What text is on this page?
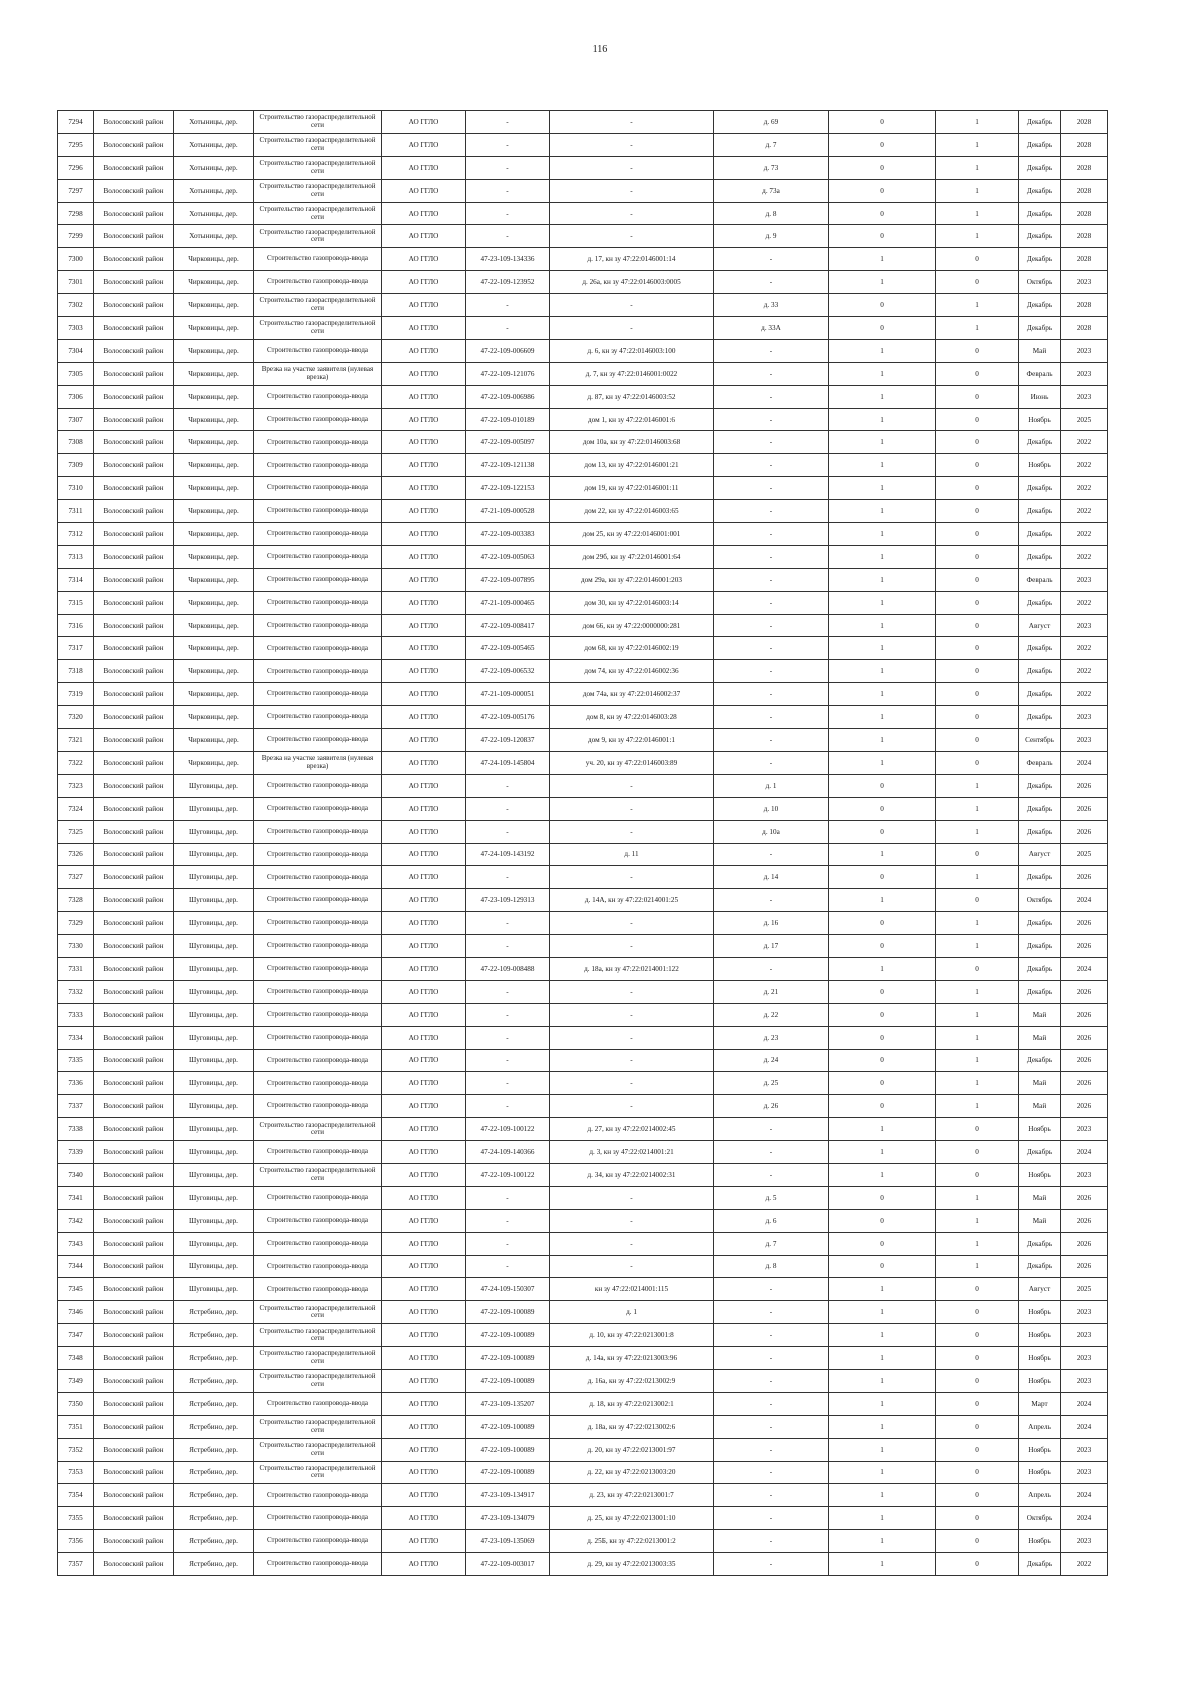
116
7294	Волосовский район	Хотыницы, дер.	Строительство газораспределительной сети	АО ГГЛО	-	-	д. 69	0	1	Декабрь	2028
7295	Волосовский район	Хотыницы, дер.	Строительство газораспределительной сети	АО ГГЛО	-	-	д. 7	0	1	Декабрь	2028
7296	Волосовский район	Хотыницы, дер.	Строительство газораспределительной сети	АО ГГЛО	-	-	д. 73	0	1	Декабрь	2028
7297	Волосовский район	Хотыницы, дер.	Строительство газораспределительной сети	АО ГГЛО	-	-	д. 73а	0	1	Декабрь	2028
7298	Волосовский район	Хотыницы, дер.	Строительство газораспределительной сети	АО ГГЛО	-	-	д. 8	0	1	Декабрь	2028
7299	Волосовский район	Хотыницы, дер.	Строительство газораспределительной сети	АО ГГЛО	-	-	д. 9	0	1	Декабрь	2028
7300	Волосовский район	Чирковицы, дер.	Строительство газопровода-ввода	АО ГГЛО	47-23-109-134336	д. 17, кн зу 47:22:0146001:14	-	1	0	Декабрь	2028
7301	Волосовский район	Чирковицы, дер.	Строительство газопровода-ввода	АО ГГЛО	47-22-109-123952	д. 26а, кн зу 47:22:0146003:0005	-	1	0	Октябрь	2023
7302	Волосовский район	Чирковицы, дер.	Строительство газораспределительной сети	АО ГГЛО	-	-	д. 33	0	1	Декабрь	2028
7303	Волосовский район	Чирковицы, дер.	Строительство газораспределительной сети	АО ГГЛО	-	-	д. 33А	0	1	Декабрь	2028
7304	Волосовский район	Чирковицы, дер.	Строительство газопровода-ввода	АО ГГЛО	47-22-109-006609	д. 6, кн зу 47:22:0146003:100	-	1	0	Май	2023
7305	Волосовский район	Чирковицы, дер.	Врезка на участке заявителя (нулевая врезка)	АО ГГЛО	47-22-109-121076	д. 7, кн зу 47:22:0146001:0022	-	1	0	Февраль	2023
7306	Волосовский район	Чирковицы, дер.	Строительство газопровода-ввода	АО ГГЛО	47-22-109-006986	д. 87, кн зу 47:22:0146003:52	-	1	0	Июнь	2023
7307	Волосовский район	Чирковицы, дер.	Строительство газопровода-ввода	АО ГГЛО	47-22-109-010189	дом 1, кн зу 47:22:0146001:6	-	1	0	Ноябрь	2025
7308	Волосовский район	Чирковицы, дер.	Строительство газопровода-ввода	АО ГГЛО	47-22-109-005097	дом 10а, кн зу 47:22:0146003:68	-	1	0	Декабрь	2022
7309	Волосовский район	Чирковицы, дер.	Строительство газопровода-ввода	АО ГГЛО	47-22-109-121138	дом 13, кн зу 47:22:0146001:21	-	1	0	Ноябрь	2022
7310	Волосовский район	Чирковицы, дер.	Строительство газопровода-ввода	АО ГГЛО	47-22-109-122153	дом 19, кн зу 47:22:0146001:11	-	1	0	Декабрь	2022
7311	Волосовский район	Чирковицы, дер.	Строительство газопровода-ввода	АО ГГЛО	47-21-109-000528	дом 22, кн зу 47:22:0146003:65	-	1	0	Декабрь	2022
7312	Волосовский район	Чирковицы, дер.	Строительство газопровода-ввода	АО ГГЛО	47-22-109-003383	дом 25, кн зу 47:22:0146001:001	-	1	0	Декабрь	2022
7313	Волосовский район	Чирковицы, дер.	Строительство газопровода-ввода	АО ГГЛО	47-22-109-005063	дом 29б, кн зу 47:22:0146001:64	-	1	0	Декабрь	2022
7314	Волосовский район	Чирковицы, дер.	Строительство газопровода-ввода	АО ГГЛО	47-22-109-007895	дом 29а, кн зу 47:22:0146001:203	-	1	0	Февраль	2023
7315	Волосовский район	Чирковицы, дер.	Строительство газопровода-ввода	АО ГГЛО	47-21-109-000465	дом 30, кн зу 47:22:0146003:14	-	1	0	Декабрь	2022
7316	Волосовский район	Чирковицы, дер.	Строительство газопровода-ввода	АО ГГЛО	47-22-109-008417	дом 66, кн зу 47:22:0000000:281	-	1	0	Август	2023
7317	Волосовский район	Чирковицы, дер.	Строительство газопровода-ввода	АО ГГЛО	47-22-109-005465	дом 68, кн зу 47:22:0146002:19	-	1	0	Декабрь	2022
7318	Волосовский район	Чирковицы, дер.	Строительство газопровода-ввода	АО ГГЛО	47-22-109-006532	дом 74, кн зу 47:22:0146002:36	-	1	0	Декабрь	2022
7319	Волосовский район	Чирковицы, дер.	Строительство газопровода-ввода	АО ГГЛО	47-21-109-000051	дом 74а, кн зу 47:22:0146002:37	-	1	0	Декабрь	2022
7320	Волосовский район	Чирковицы, дер.	Строительство газопровода-ввода	АО ГГЛО	47-22-109-005176	дом 8, кн зу 47:22:0146003:28	-	1	0	Декабрь	2023
7321	Волосовский район	Чирковицы, дер.	Строительство газопровода-ввода	АО ГГЛО	47-22-109-120837	дом 9, кн зу 47:22:0146001:1	-	1	0	Сентябрь	2023
7322	Волосовский район	Чирковицы, дер.	Врезка на участке заявителя (нулевая врезка)	АО ГГЛО	47-24-109-145804	уч. 20, кн зу 47:22:0146003:89	-	1	0	Февраль	2024
7323	Волосовский район	Шуговицы, дер.	Строительство газопровода-ввода	АО ГГЛО	-	-	д. 1	0	1	Декабрь	2026
7324	Волосовский район	Шуговицы, дер.	Строительство газопровода-ввода	АО ГГЛО	-	-	д. 10	0	1	Декабрь	2026
7325	Волосовский район	Шуговицы, дер.	Строительство газопровода-ввода	АО ГГЛО	-	-	д. 10а	0	1	Декабрь	2026
7326	Волосовский район	Шуговицы, дер.	Строительство газопровода-ввода	АО ГГЛО	47-24-109-143192	д. 11	-	1	0	Август	2025
7327	Волосовский район	Шуговицы, дер.	Строительство газопровода-ввода	АО ГГЛО	-	-	д. 14	0	1	Декабрь	2026
7328	Волосовский район	Шуговицы, дер.	Строительство газопровода-ввода	АО ГГЛО	47-23-109-129313	д. 14А, кн зу 47:22:0214001:25	-	1	0	Октябрь	2024
7329	Волосовский район	Шуговицы, дер.	Строительство газопровода-ввода	АО ГГЛО	-	-	д. 16	0	1	Декабрь	2026
7330	Волосовский район	Шуговицы, дер.	Строительство газопровода-ввода	АО ГГЛО	-	-	д. 17	0	1	Декабрь	2026
7331	Волосовский район	Шуговицы, дер.	Строительство газопровода-ввода	АО ГГЛО	47-22-109-008488	д. 18а, кн зу 47:22:0214001:122	-	1	0	Декабрь	2024
7332	Волосовский район	Шуговицы, дер.	Строительство газопровода-ввода	АО ГГЛО	-	-	д. 21	0	1	Декабрь	2026
7333	Волосовский район	Шуговицы, дер.	Строительство газопровода-ввода	АО ГГЛО	-	-	д. 22	0	1	Май	2026
7334	Волосовский район	Шуговицы, дер.	Строительство газопровода-ввода	АО ГГЛО	-	-	д. 23	0	1	Май	2026
7335	Волосовский район	Шуговицы, дер.	Строительство газопровода-ввода	АО ГГЛО	-	-	д. 24	0	1	Декабрь	2026
7336	Волосовский район	Шуговицы, дер.	Строительство газопровода-ввода	АО ГГЛО	-	-	д. 25	0	1	Май	2026
7337	Волосовский район	Шуговицы, дер.	Строительство газопровода-ввода	АО ГГЛО	-	-	д. 26	0	1	Май	2026
7338	Волосовский район	Шуговицы, дер.	Строительство газораспределительной сети	АО ГГЛО	47-22-109-100122	д. 27, кн зу 47:22:0214002:45	-	1	0	Ноябрь	2023
7339	Волосовский район	Шуговицы, дер.	Строительство газопровода-ввода	АО ГГЛО	47-24-109-140366	д. 3, кн зу 47:22:0214001:21	-	1	0	Декабрь	2024
7340	Волосовский район	Шуговицы, дер.	Строительство газораспределительной сети	АО ГГЛО	47-22-109-100122	д. 34, кн зу 47:22:0214002:31	-	1	0	Ноябрь	2023
7341	Волосовский район	Шуговицы, дер.	Строительство газопровода-ввода	АО ГГЛО	-	-	д. 5	0	1	Май	2026
7342	Волосовский район	Шуговицы, дер.	Строительство газопровода-ввода	АО ГГЛО	-	-	д. 6	0	1	Май	2026
7343	Волосовский район	Шуговицы, дер.	Строительство газопровода-ввода	АО ГГЛО	-	-	д. 7	0	1	Декабрь	2026
7344	Волосовский район	Шуговицы, дер.	Строительство газопровода-ввода	АО ГГЛО	-	-	д. 8	0	1	Декабрь	2026
7345	Волосовский район	Шуговицы, дер.	Строительство газопровода-ввода	АО ГГЛО	47-24-109-150307	кн зу 47:22:0214001:115	-	1	0	Август	2025
7346	Волосовский район	Ястребино, дер.	Строительство газораспределительной сети	АО ГГЛО	47-22-109-100089	д. 1	-	1	0	Ноябрь	2023
7347	Волосовский район	Ястребино, дер.	Строительство газораспределительной сети	АО ГГЛО	47-22-109-100089	д. 10, кн зу 47:22:0213001:8	-	1	0	Ноябрь	2023
7348	Волосовский район	Ястребино, дер.	Строительство газораспределительной сети	АО ГГЛО	47-22-109-100089	д. 14а, кн зу 47:22:0213003:96	-	1	0	Ноябрь	2023
7349	Волосовский район	Ястребино, дер.	Строительство газораспределительной сети	АО ГГЛО	47-22-109-100089	д. 16а, кн зу 47:22:0213002:9	-	1	0	Ноябрь	2023
7350	Волосовский район	Ястребино, дер.	Строительство газопровода-ввода	АО ГГЛО	47-23-109-135207	д. 18, кн зу 47:22:0213002:1	-	1	0	Март	2024
7351	Волосовский район	Ястребино, дер.	Строительство газораспределительной сети	АО ГГЛО	47-22-109-100089	д. 18а, кн зу 47:22:0213002:6	-	1	0	Апрель	2024
7352	Волосовский район	Ястребино, дер.	Строительство газораспределительной сети	АО ГГЛО	47-22-109-100089	д. 20, кн зу 47:22:0213001:97	-	1	0	Ноябрь	2023
7353	Волосовский район	Ястребино, дер.	Строительство газораспределительной сети	АО ГГЛО	47-22-109-100089	д. 22, кн зу 47:22:0213003:20	-	1	0	Ноябрь	2023
7354	Волосовский район	Ястребино, дер.	Строительство газопровода-ввода	АО ГГЛО	47-23-109-134917	д. 23, кн зу 47:22:0213001:7	-	1	0	Апрель	2024
7355	Волосовский район	Ястребино, дер.	Строительство газопровода-ввода	АО ГГЛО	47-23-109-134079	д. 25, кн зу 47:22:0213001:10	-	1	0	Октябрь	2024
7356	Волосовский район	Ястребино, дер.	Строительство газопровода-ввода	АО ГГЛО	47-23-109-135069	д. 25Б, кн зу 47:22:0213001:2	-	1	0	Ноябрь	2023
7357	Волосовский район	Ястребино, дер.	Строительство газопровода-ввода	АО ГГЛО	47-22-109-003017	д. 29, кн зу 47:22:0213003:35	-	1	0	Декабрь	2022
